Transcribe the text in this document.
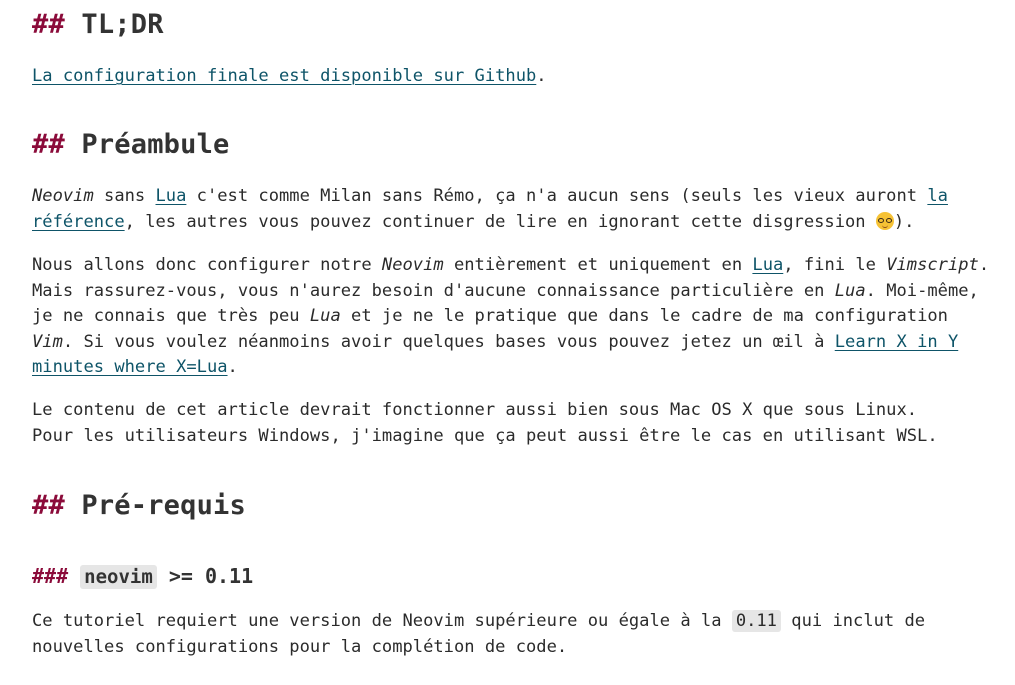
## TL;DR

La configuration finale est disponible sur Github.

## Préambule

Neovim sans Lua c'est comme Milan sans Rémo, ça n'a aucun sens (seuls les vieux auront la référence, les autres vous pouvez continuer de lire en ignorant cette disgression
).

Nous allons donc configurer notre Neovim entièrement et uniquement en Lua, fini le Vimscript. Mais rassurez-vous, vous n'aurez besoin d'aucune connaissance particulière en Lua. Moi-même, je ne connais que très peu Lua et je ne le pratique que dans le cadre de ma configuration Vim. Si vous voulez néanmoins avoir quelques bases vous pouvez jetez un œil à Learn X in Y minutes where X=Lua.

Le contenu de cet article devrait fonctionner aussi bien sous Mac OS X que sous Linux.
Pour les utilisateurs Windows, j'imagine que ça peut aussi être le cas en utilisant WSL.

## Pré-requis
### neovim >= 0.11

Ce tutoriel requiert une version de Neovim supérieure ou égale à la 0.11 qui inclut de nouvelles configurations pour la complétion de code.
